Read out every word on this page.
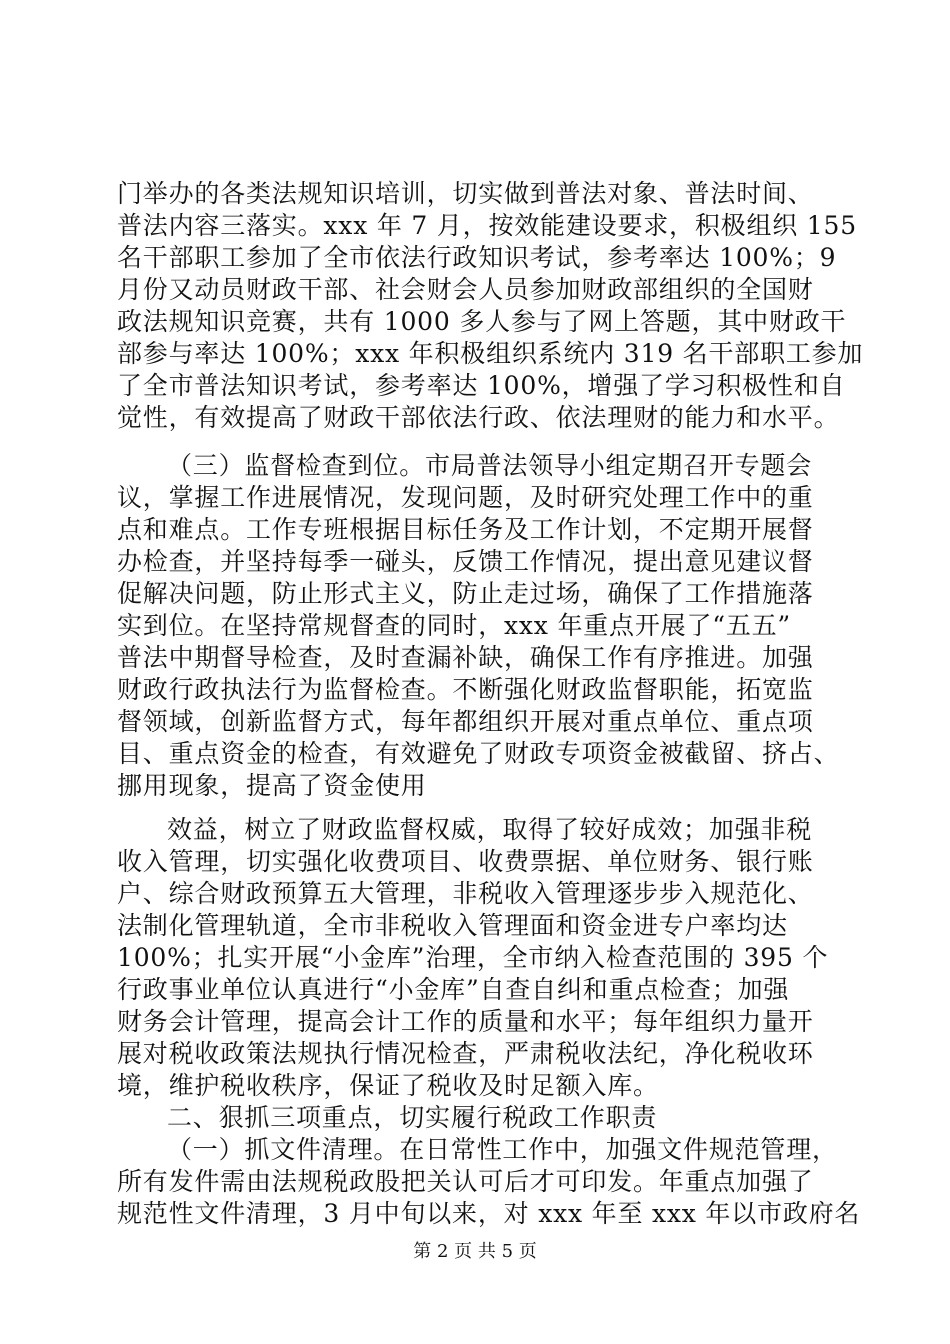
门举办的各类法规知识培训，切实做到普法对象、普法时间、
普法内容三落实。xxx 年 7 月，按效能建设要求，积极组织 155
名干部职工参加了全市依法行政知识考试，参考率达 100%；9
月份又动员财政干部、社会财会人员参加财政部组织的全国财
政法规知识竞赛，共有 1000 多人参与了网上答题，其中财政干
部参与率达 100%；xxx 年积极组织系统内 319 名干部职工参加
了全市普法知识考试，参考率达 100%，增强了学习积极性和自
觉性，有效提高了财政干部依法行政、依法理财的能力和水平。
（三）监督检查到位。市局普法领导小组定期召开专题会
议，掌握工作进展情况，发现问题，及时研究处理工作中的重
点和难点。工作专班根据目标任务及工作计划，不定期开展督
办检查，并坚持每季一碰头，反馈工作情况，提出意见建议督
促解决问题，防止形式主义，防止走过场，确保了工作措施落
实到位。在坚持常规督查的同时，xxx 年重点开展了“五五”
普法中期督导检查，及时查漏补缺，确保工作有序推进。加强
财政行政执法行为监督检查。不断强化财政监督职能，拓宽监
督领域，创新监督方式，每年都组织开展对重点单位、重点项
目、重点资金的检查，有效避免了财政专项资金被截留、挤占、
挪用现象，提高了资金使用
效益，树立了财政监督权威，取得了较好成效；加强非税
收入管理，切实强化收费项目、收费票据、单位财务、银行账
户、综合财政预算五大管理，非税收入管理逐步步入规范化、
法制化管理轨道，全市非税收入管理面和资金进专户率均达
100%；扎实开展“小金库”治理，全市纳入检查范围的 395 个
行政事业单位认真进行“小金库”自查自纠和重点检查；加强
财务会计管理，提高会计工作的质量和水平；每年组织力量开
展对税收政策法规执行情况检查，严肃税收法纪，净化税收环
境，维护税收秩序，保证了税收及时足额入库。
二、狠抓三项重点，切实履行税政工作职责
（一）抓文件清理。在日常性工作中，加强文件规范管理，
所有发件需由法规税政股把关认可后才可印发。年重点加强了
规范性文件清理，3 月中旬以来，对 xxx 年至 xxx 年以市政府名
第 2 页 共 5 页
